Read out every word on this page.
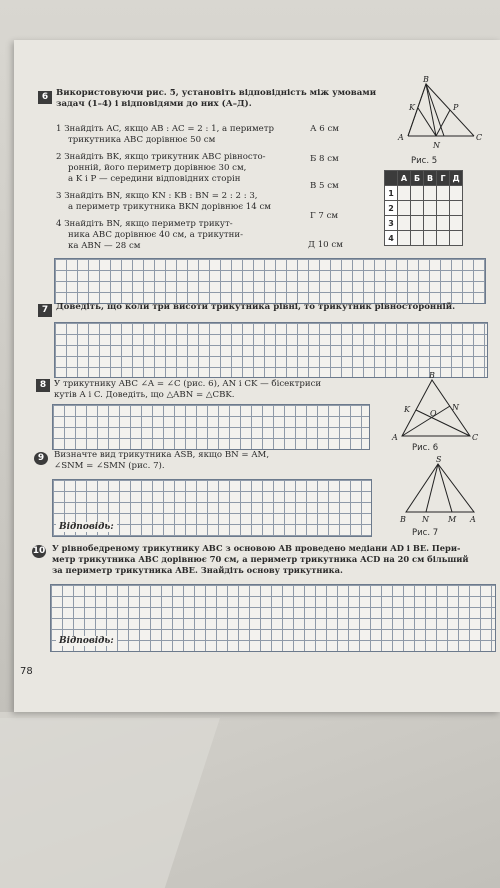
6 Використовуючи рис. 5, установіть відповідність між умовами
задач (1–4) і відповідями до них (А–Д).
1 Знайдіть AC, якщо AB : AC = 2 : 1, а периметр
трикутника ABC дорівнює 50 см
2 Знайдіть BK, якщо трикутник ABC рівносто-
ронній, його периметр дорівнює 30 см,
а K і P — середини відповідних сторін
3 Знайдіть BN, якщо KN : KB : BN = 2 : 2 : 3,
а периметр трикутника BKN дорівнює 14 см
4 Знайдіть BN, якщо периметр трикут-
ника ABC дорівнює 40 см, а трикутни-
ка ABN — 28 см
А 6 см
Б 8 см
В 5 см
Г 7 см
Д 10 см
B
K	P
A
N
C
Рис. 5
	А	Б	В	Г	Д
1					
2					
3					
4					
7 Доведіть, що коли три висоти трикутника рівні, то трикутник рівносторонній.
8 У трикутнику ABC ∠A = ∠C (рис. 6), AN і CK — бісектриси
кутів A і C. Доведіть, що △ABN = △CBK.
B
K	O
N
A	C
Рис. 6
9	Визначте вид трикутника ASB, якщо BN = AM,
∠SNM = ∠SMN (рис. 7).
Відповідь:
S
B N M A
Рис. 7
10 У рівнобедреному трикутнику ABC з основою AB проведено медіани AD і BE. Пери-
метр трикутника ABC дорівнює 70 см, а периметр трикутника ACD на 20 см більший
за периметр трикутника ABE. Знайдіть основу трикутника.
Відповідь:
78
